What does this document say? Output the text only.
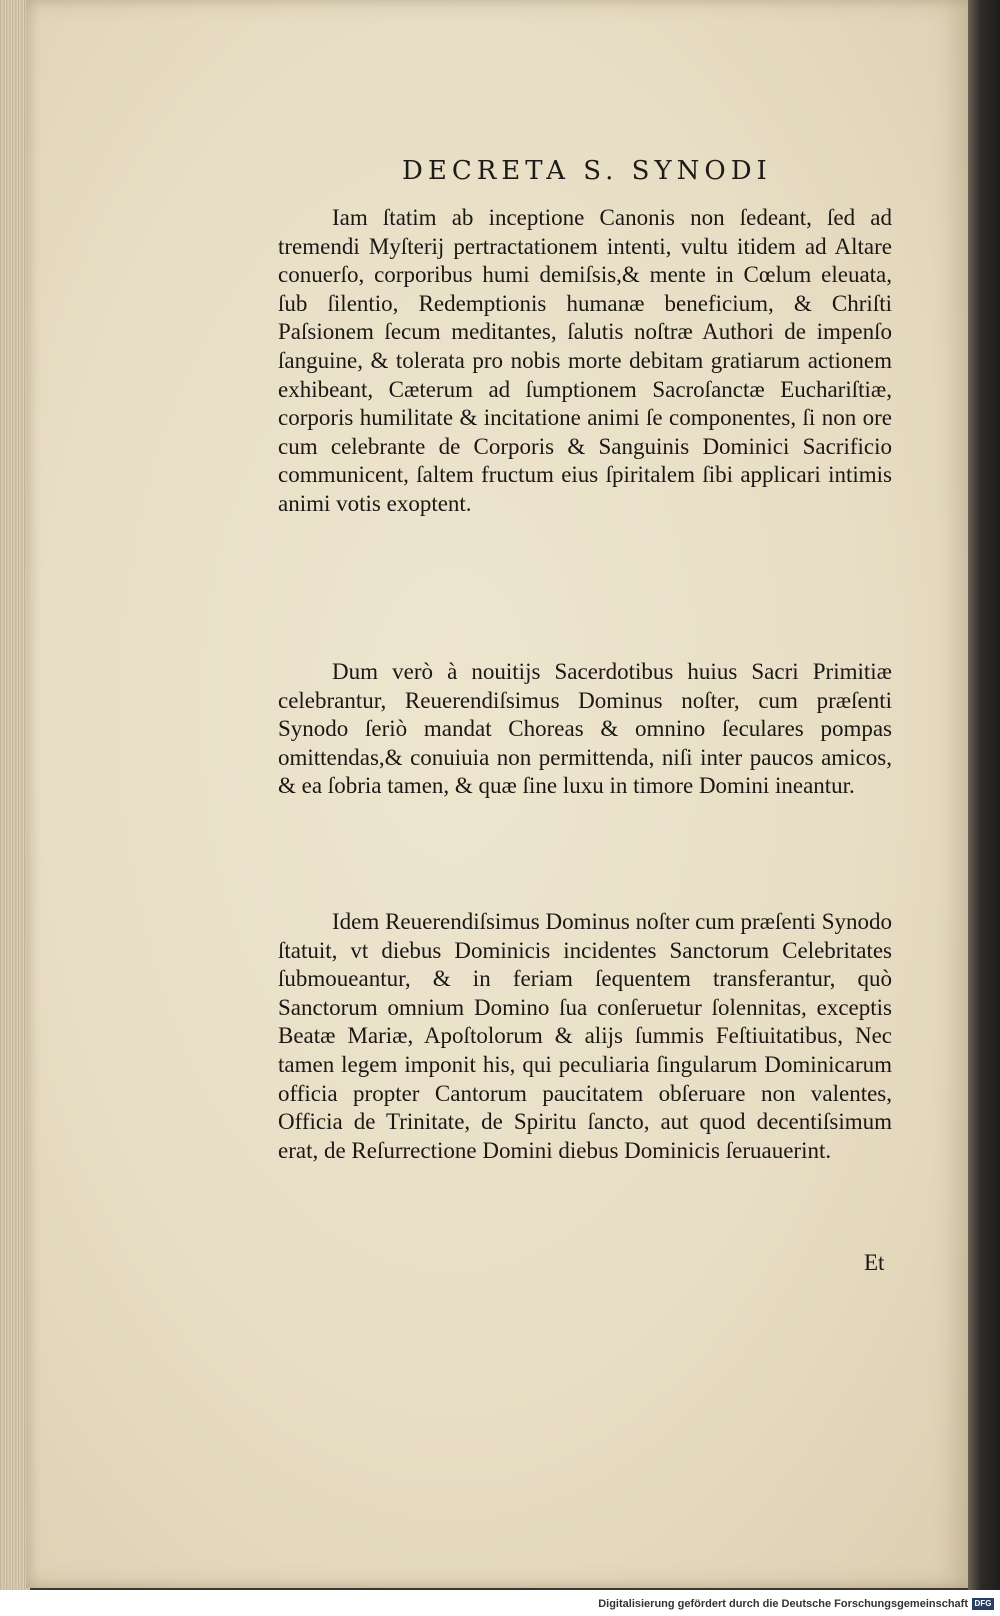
DECRETA S. SYNODI

Iam ſtatim ab inceptione Canonis non ſedeant, ſed ad tremendi Myſterij pertractationem intenti, vultu itidem ad Altare conuerſo, corporibus humi demiſsis,& mente in Cœlum eleuata, ſub ſilentio, Redemptionis humanæ beneficium, & Chriſti Paſsionem ſecum meditantes, ſalutis noſtræ Authori de impenſo ſanguine, & tolerata pro nobis morte debitam gratiarum actionem exhibeant, Cæterum ad ſumptionem Sacroſanctæ Euchariſtiæ, corporis humilitate & incitatione animi ſe componentes, ſi non ore cum celebrante de Corporis & Sanguinis Dominici Sacrificio communicent, ſaltem fructum eius ſpiritalem ſibi applicari intimis animi votis exoptent.

Dum verò à nouitijs Sacerdotibus huius Sacri Primitiæ celebrantur, Reuerendiſsimus Dominus noſter, cum præſenti Synodo ſeriò mandat Choreas & omnino ſeculares pompas omittendas,& conuiuia non permittenda, niſi inter paucos amicos, & ea ſobria tamen, & quæ ſine luxu in timore Domini ineantur.

Idem Reuerendiſsimus Dominus noſter cum præſenti Synodo ſtatuit, vt diebus Dominicis incidentes Sanctorum Celebritates ſubmoueantur, & in feriam ſequentem transferantur, quò Sanctorum omnium Domino ſua conſeruetur ſolennitas, exceptis Beatæ Mariæ, Apoſtolorum & alijs ſummis Feſtiuitatibus, Nec tamen legem imponit his, qui peculiaria ſingularum Dominicarum officia propter Cantorum paucitatem obſeruare non valentes, Officia de Trinitate, de Spiritu ſancto, aut quod decentiſsimum erat, de Reſurrectione Domini diebus Dominicis ſeruauerint.

Et
Digitalisierung gefördert durch die Deutsche Forschungsgemeinschaft DFG
